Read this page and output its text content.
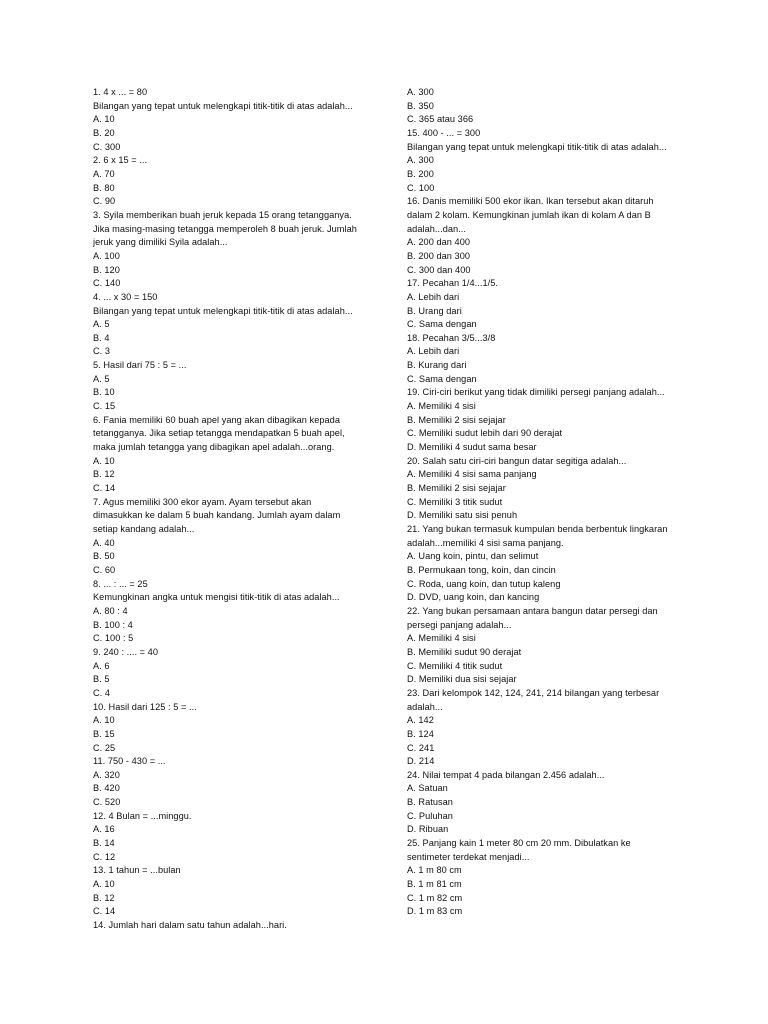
1. 4 x ... = 80
Bilangan yang tepat untuk melengkapi titik-titik di atas adalah...
A. 10
B. 20
C. 300
2. 6 x 15 = ...
A. 70
B. 80
C. 90
3. Syila memberikan buah jeruk kepada 15 orang tetangganya.
Jika masing-masing tetangga memperoleh 8 buah jeruk. Jumlah
jeruk yang dimiliki Syila adalah...
A. 100
B. 120
C. 140
4. ... x 30 = 150
Bilangan yang tepat untuk melengkapi titik-titik di atas adalah...
A. 5
B. 4
C. 3
5. Hasil dari 75 : 5 = ...
A. 5
B. 10
C. 15
6. Fania memiliki 60 buah apel yang akan dibagikan kepada
tetangganya. Jika setiap tetangga mendapatkan 5 buah apel,
maka jumlah tetangga yang dibagikan apel adalah...orang.
A. 10
B. 12
C. 14
7. Agus memiliki 300 ekor ayam. Ayam tersebut akan
dimasukkan ke dalam 5 buah kandang. Jumlah ayam dalam
setiap kandang adalah...
A. 40
B. 50
C. 60
8. ... : ... = 25
Kemungkinan angka untuk mengisi titik-titik di atas adalah...
A. 80 : 4
B. 100 : 4
C. 100 : 5
9. 240 : .... = 40
A. 6
B. 5
C. 4
10. Hasil dari 125 : 5 = ...
A. 10
B. 15
C. 25
11. 750 - 430 = ...
A. 320
B. 420
C. 520
12. 4 Bulan = ...minggu.
A. 16
B. 14
C. 12
13. 1 tahun = ...bulan
A. 10
B. 12
C. 14
14. Jumlah hari dalam satu tahun adalah...hari.
A. 300
B. 350
C. 365 atau 366
15. 400 - ... = 300
Bilangan yang tepat untuk melengkapi titik-titik di atas adalah...
A. 300
B. 200
C. 100
16. Danis memiliki 500 ekor ikan. Ikan tersebut akan ditaruh
dalam 2 kolam. Kemungkinan jumlah ikan di kolam A dan B
adalah...dan...
A. 200 dan 400
B. 200 dan 300
C. 300 dan 400
17. Pecahan 1/4...1/5.
A. Lebih dari
B. Urang dari
C. Sama dengan
18. Pecahan 3/5...3/8
A. Lebih dari
B. Kurang dari
C. Sama dengan
19. Ciri-ciri berikut yang tidak dimiliki persegi panjang adalah...
A. Memiliki 4 sisi
B. Memiliki 2 sisi sejajar
C. Memiliki sudut lebih dari 90 derajat
D. Memiliki 4 sudut sama besar
20. Salah satu ciri-ciri bangun datar segitiga adalah...
A. Memiliki 4 sisi sama panjang
B. Memiliki 2 sisi sejajar
C. Memiliki 3 titik sudut
D. Memiliki satu sisi penuh
21. Yang bukan termasuk kumpulan benda berbentuk lingkaran
adalah...memiliki 4 sisi sama panjang.
A. Uang koin, pintu, dan selimut
B. Permukaan tong, koin, dan cincin
C. Roda, uang koin, dan tutup kaleng
D. DVD, uang koin, dan kancing
22. Yang bukan persamaan antara bangun datar persegi dan
persegi panjang adalah...
A. Memiliki 4 sisi
B. Memiliki sudut 90 derajat
C. Memiliki 4 titik sudut
D. Memiliki dua sisi sejajar
23. Dari kelompok 142, 124, 241, 214 bilangan yang terbesar
adalah...
A. 142
B. 124
C. 241
D. 214
24. Nilai tempat 4 pada bilangan 2.456 adalah...
A. Satuan
B. Ratusan
C. Puluhan
D. Ribuan
25. Panjang kain 1 meter 80 cm 20 mm. Dibulatkan ke
sentimeter terdekat menjadi...
A. 1 m 80 cm
B. 1 m 81 cm
C. 1 m 82 cm
D. 1 m 83 cm
